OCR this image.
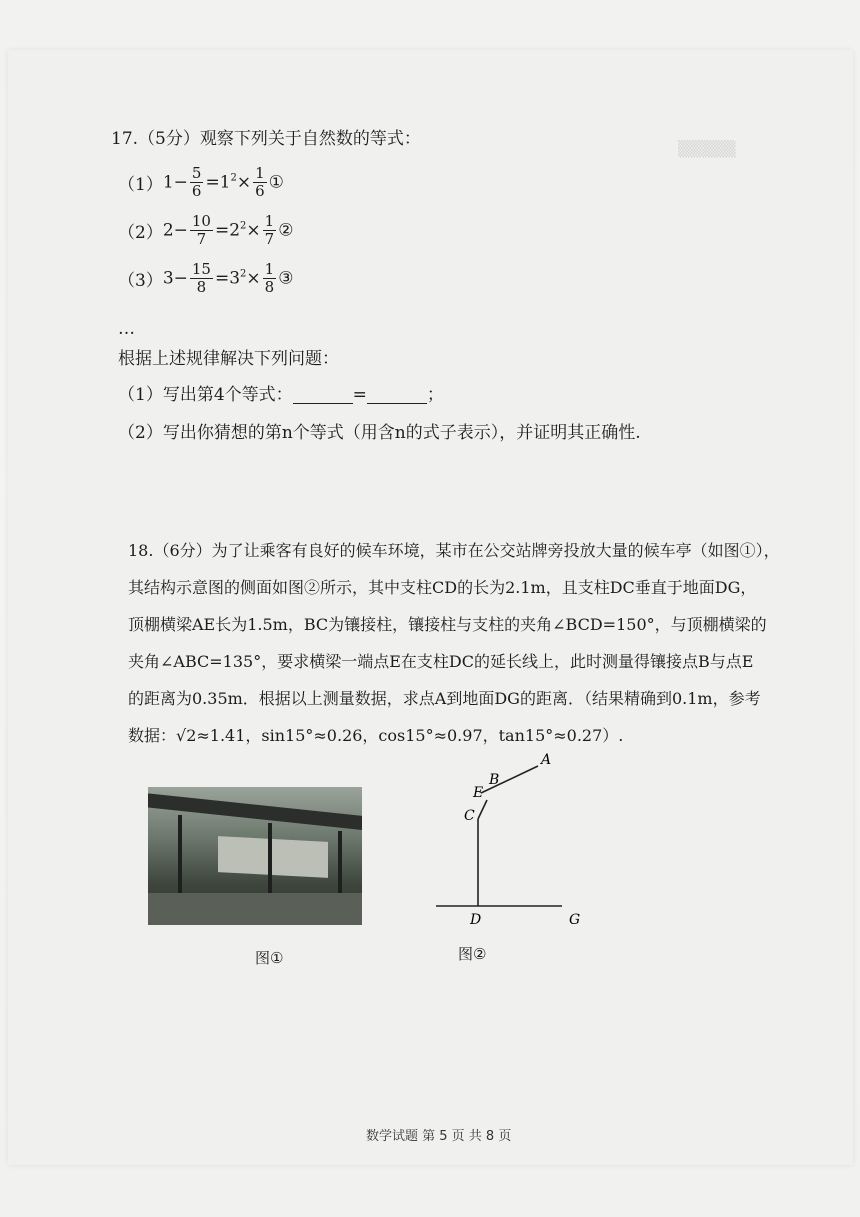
▒▒▒▒▒
17.（5分）观察下列关于自然数的等式：
$(1)1- \frac{5}{6} =1^2\times \frac{1}{6}$ ①
$(2)2- \frac{10}{7} =2^2\times \frac{1}{7}$ ②
$(3)3- \frac{15}{8} =3^2\times \frac{1}{8}$ ③
…
根据上述规律解决下列问题：
（1）写出第4个等式：	=	；
（2）写出你猜想的第n个等式（用含n的式子表示），并证明其正确性.
18.（6分）为了让乘客有良好的候车环境，某市在公交站牌旁投放大量的候车亭（如图①），
其结构示意图的侧面如图②所示，其中支柱CD的长为2.1m，且支柱DC垂直于地面DG，
顶棚横梁AE长为1.5m，BC为镶接柱，镶接柱与支柱的夹角∠BCD=150°，与顶棚横梁的
夹角∠ABC=135°，要求横梁一端点E在支柱DC的延长线上，此时测量得镶接点B与点E
的距离为0.35m．根据以上测量数据，求点A到地面DG的距离．（结果精确到0.1m，参考
数据：√2≈1.41，sin15°≈0.26，cos15°≈0.97，tan15°≈0.27）.
图①
A
B
E
C
D	G
图②
数学试题 第 5 页 共 8 页
